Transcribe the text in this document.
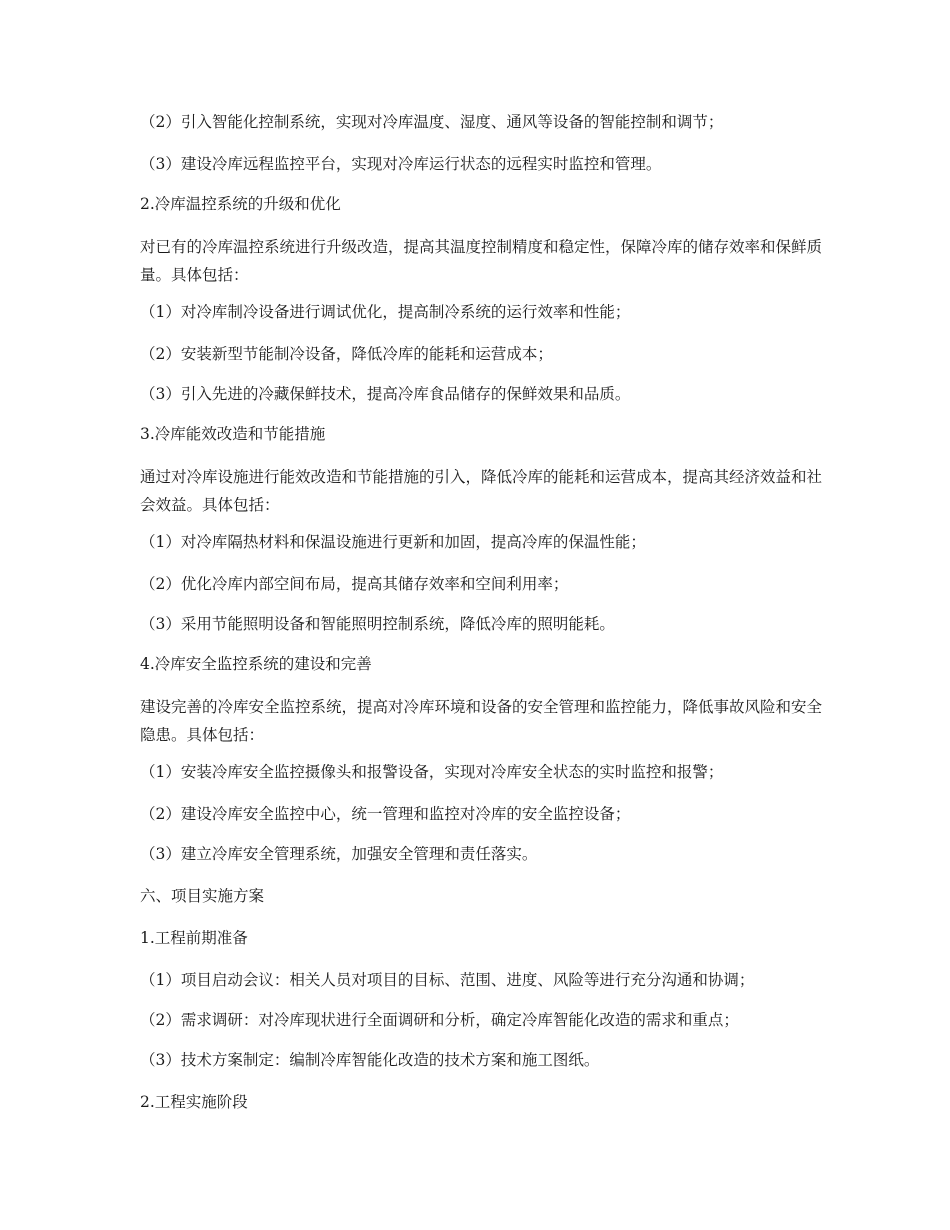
（2）引入智能化控制系统，实现对冷库温度、湿度、通风等设备的智能控制和调节；
（3）建设冷库远程监控平台，实现对冷库运行状态的远程实时监控和管理。
2.冷库温控系统的升级和优化
对已有的冷库温控系统进行升级改造，提高其温度控制精度和稳定性，保障冷库的储存效率和保鲜质量。具体包括：
（1）对冷库制冷设备进行调试优化，提高制冷系统的运行效率和性能；
（2）安装新型节能制冷设备，降低冷库的能耗和运营成本；
（3）引入先进的冷藏保鲜技术，提高冷库食品储存的保鲜效果和品质。
3.冷库能效改造和节能措施
通过对冷库设施进行能效改造和节能措施的引入，降低冷库的能耗和运营成本，提高其经济效益和社会效益。具体包括：
（1）对冷库隔热材料和保温设施进行更新和加固，提高冷库的保温性能；
（2）优化冷库内部空间布局，提高其储存效率和空间利用率；
（3）采用节能照明设备和智能照明控制系统，降低冷库的照明能耗。
4.冷库安全监控系统的建设和完善
建设完善的冷库安全监控系统，提高对冷库环境和设备的安全管理和监控能力，降低事故风险和安全隐患。具体包括：
（1）安装冷库安全监控摄像头和报警设备，实现对冷库安全状态的实时监控和报警；
（2）建设冷库安全监控中心，统一管理和监控对冷库的安全监控设备；
（3）建立冷库安全管理系统，加强安全管理和责任落实。
六、项目实施方案
1.工程前期准备
（1）项目启动会议：相关人员对项目的目标、范围、进度、风险等进行充分沟通和协调；
（2）需求调研：对冷库现状进行全面调研和分析，确定冷库智能化改造的需求和重点；
（3）技术方案制定：编制冷库智能化改造的技术方案和施工图纸。
2.工程实施阶段
